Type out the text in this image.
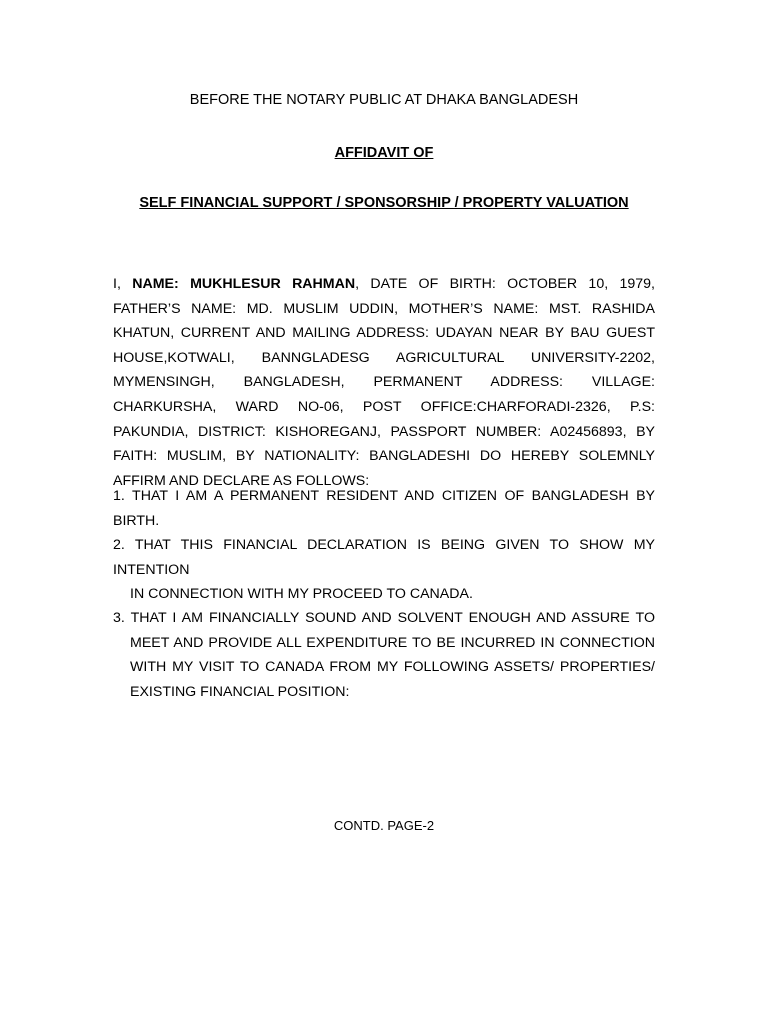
BEFORE THE NOTARY PUBLIC AT DHAKA BANGLADESH
AFFIDAVIT OF
SELF FINANCIAL SUPPORT / SPONSORSHIP / PROPERTY VALUATION
I, NAME: MUKHLESUR RAHMAN, DATE OF BIRTH: OCTOBER 10, 1979, FATHER’S NAME: MD. MUSLIM UDDIN, MOTHER’S NAME: MST. RASHIDA KHATUN, CURRENT AND MAILING ADDRESS: UDAYAN NEAR BY BAU GUEST HOUSE,KOTWALI, BANNGLADESG AGRICULTURAL UNIVERSITY-2202, MYMENSINGH, BANGLADESH, PERMANENT ADDRESS: VILLAGE: CHARKURSHA, WARD NO-06, POST OFFICE:CHARFORADI-2326, P.S: PAKUNDIA, DISTRICT: KISHOREGANJ, PASSPORT NUMBER: A02456893, BY FAITH: MUSLIM, BY NATIONALITY: BANGLADESHI DO HEREBY SOLEMNLY AFFIRM AND DECLARE AS FOLLOWS:
1. THAT I AM A PERMANENT RESIDENT AND CITIZEN OF BANGLADESH BY BIRTH.
2. THAT THIS FINANCIAL DECLARATION IS BEING GIVEN TO SHOW MY INTENTION
IN CONNECTION WITH MY PROCEED TO CANADA.
3. THAT I AM FINANCIALLY SOUND AND SOLVENT ENOUGH AND ASSURE TO
MEET AND PROVIDE ALL EXPENDITURE TO BE INCURRED IN CONNECTION WITH MY VISIT TO CANADA FROM MY FOLLOWING ASSETS/ PROPERTIES/
EXISTING FINANCIAL POSITION:
CONTD. PAGE-2
